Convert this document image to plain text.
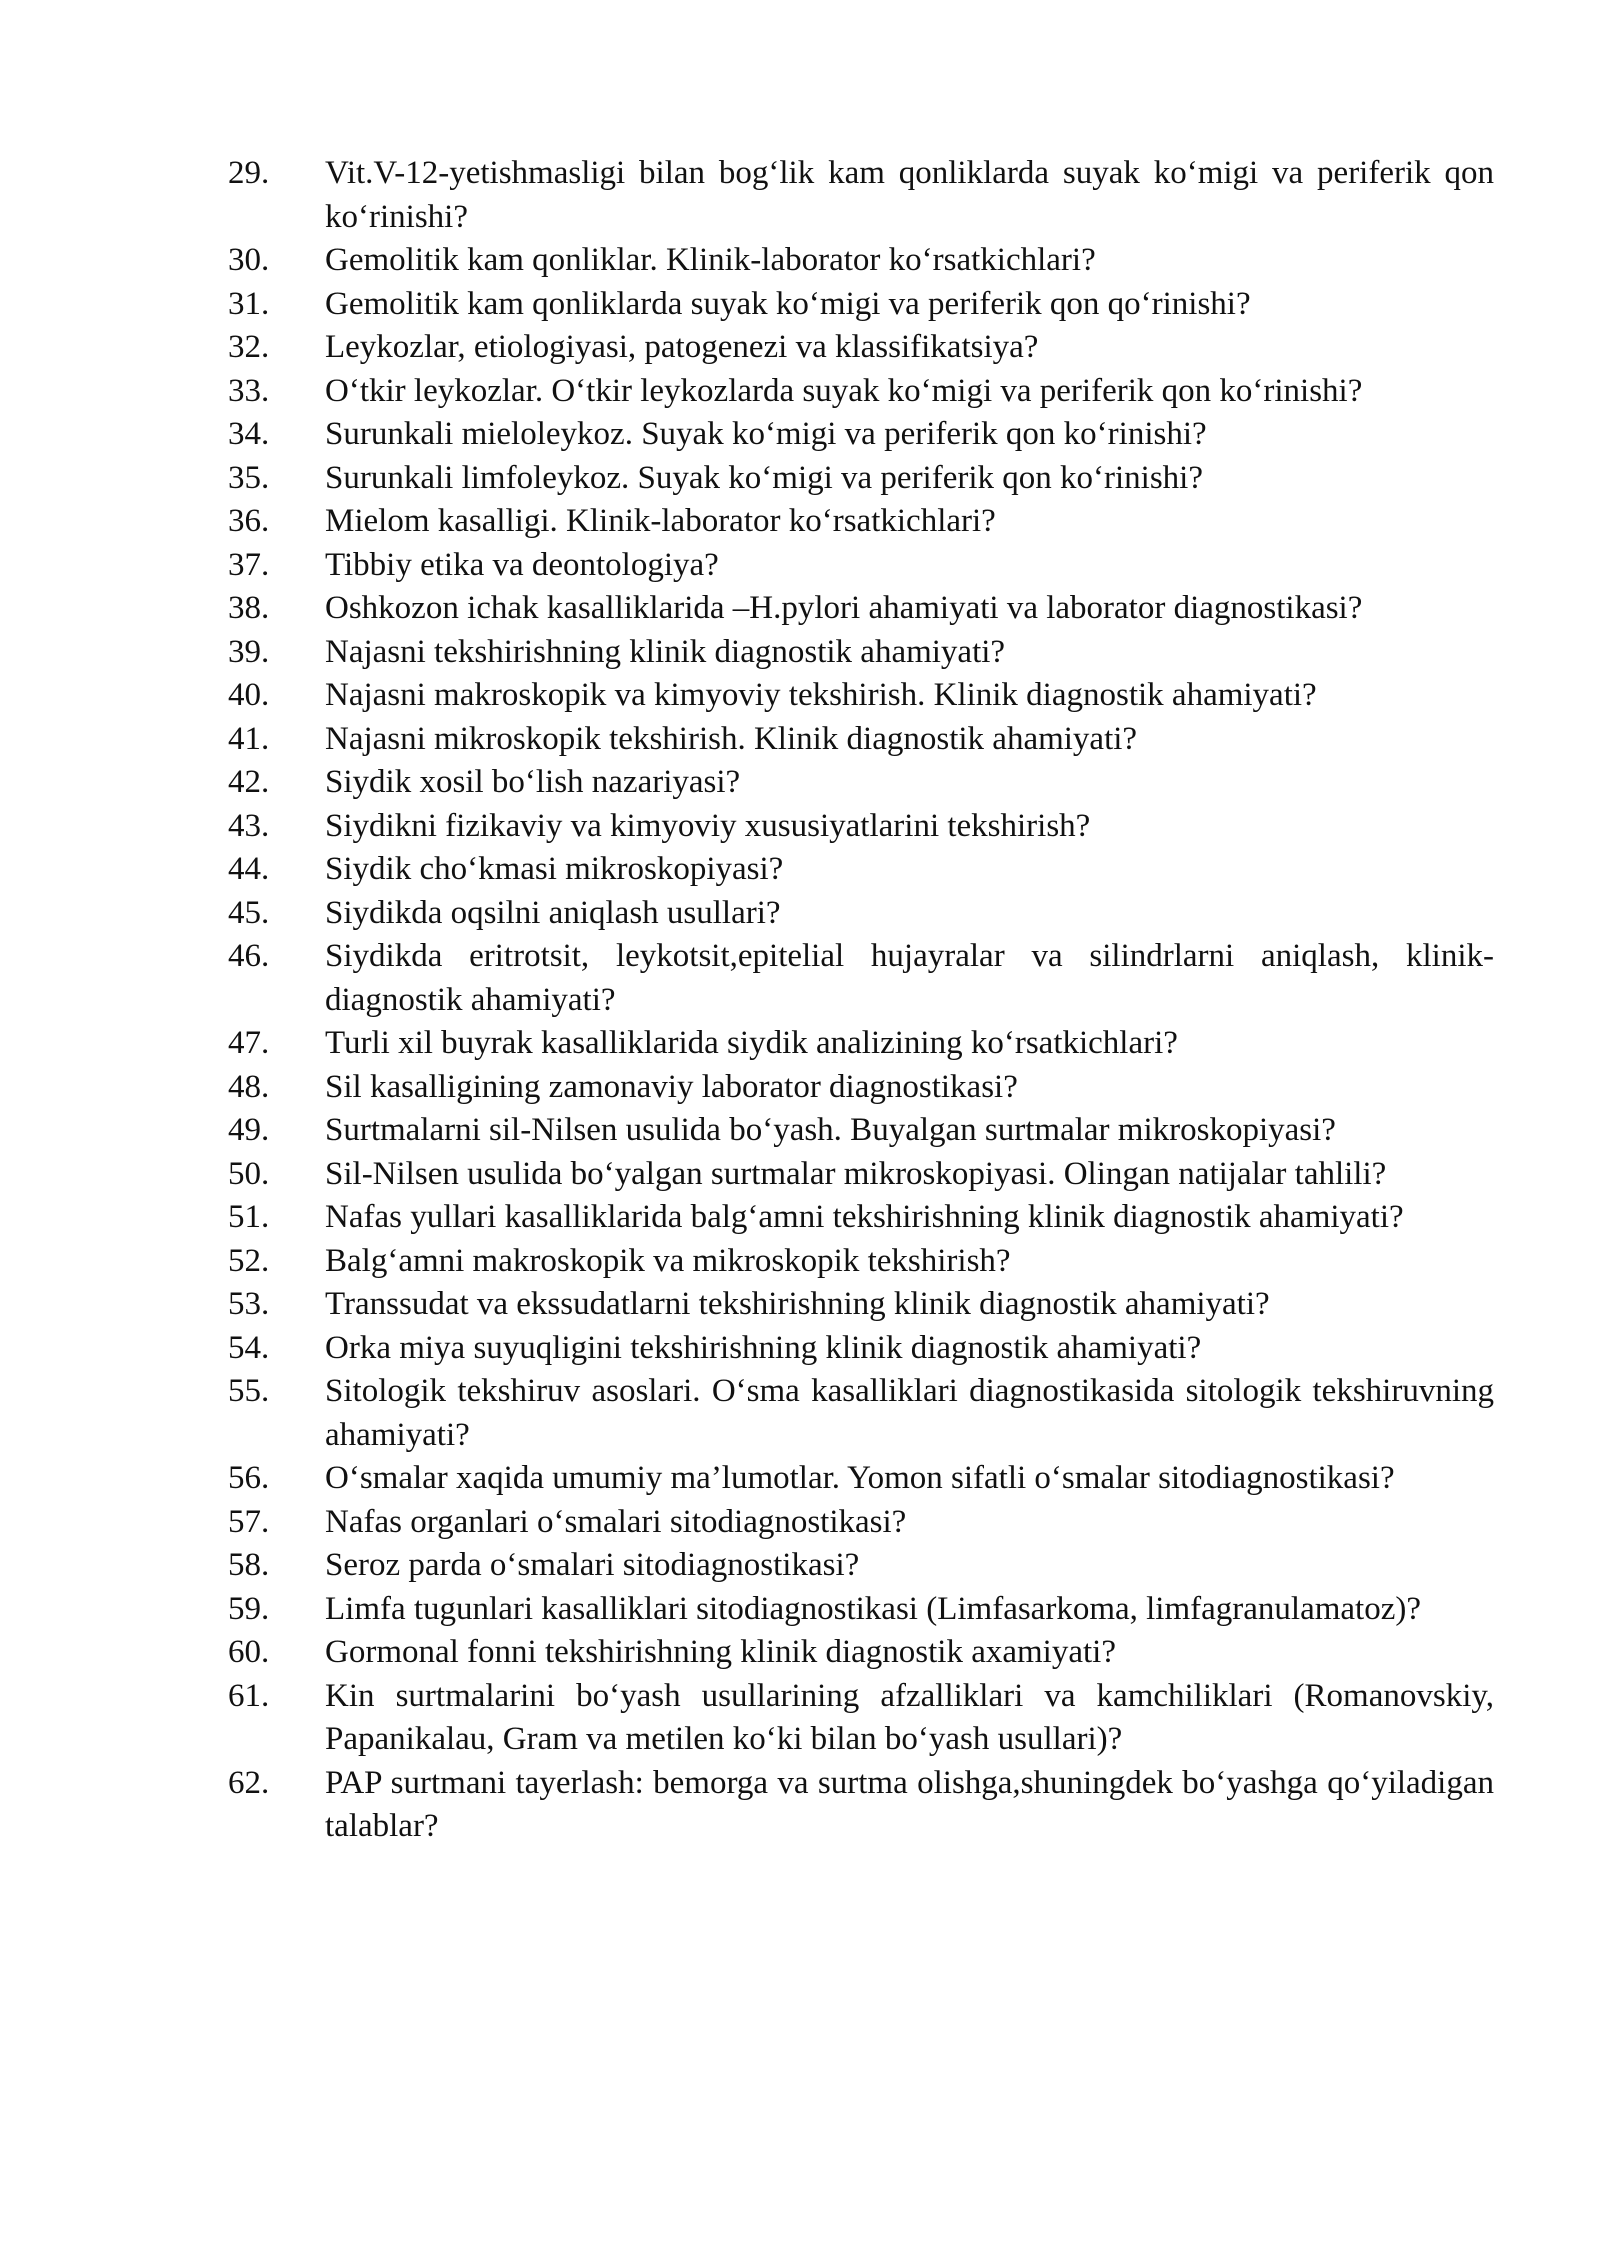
29.	Vit.V-12-yetishmasligi bilan bog‘lik kam qonliklarda suyak ko‘migi va periferik qon ko‘rinishi?
30.	Gemolitik kam qonliklar. Klinik-laborator ko‘rsatkichlari?
31.	Gemolitik kam qonliklarda suyak ko‘migi va periferik qon qo‘rinishi?
32.	Leykozlar, etiologiyasi, patogenezi va klassifikatsiya?
33.	O‘tkir leykozlar. O‘tkir leykozlarda suyak ko‘migi va periferik qon ko‘rinishi?
34.	Surunkali mieloleykoz. Suyak ko‘migi va periferik qon ko‘rinishi?
35.	Surunkali limfoleykoz. Suyak ko‘migi va periferik qon ko‘rinishi?
36.	Mielom kasalligi. Klinik-laborator ko‘rsatkichlari?
37.	Tibbiy etika va deontologiya?
38.	Oshkozon ichak kasalliklarida –H.pylori ahamiyati va laborator diagnostikasi?
39.	Najasni tekshirishning klinik diagnostik ahamiyati?
40.	Najasni makroskopik va kimyoviy tekshirish. Klinik diagnostik ahamiyati?
41.	Najasni mikroskopik tekshirish. Klinik diagnostik ahamiyati?
42.	Siydik xosil bo‘lish nazariyasi?
43.	Siydikni fizikaviy va kimyoviy xususiyatlarini tekshirish?
44.	Siydik cho‘kmasi mikroskopiyasi?
45.	Siydikda oqsilni aniqlash usullari?
46.	Siydikda eritrotsit, leykotsit,epitelial hujayralar va silindrlarni aniqlash, klinik-diagnostik ahamiyati?
47.	Turli xil buyrak kasalliklarida siydik analizining ko‘rsatkichlari?
48.	Sil kasalligining zamonaviy laborator diagnostikasi?
49.	Surtmalarni sil-Nilsen usulida bo‘yash. Buyalgan surtmalar mikroskopiyasi?
50.	Sil-Nilsen usulida bo‘yalgan surtmalar mikroskopiyasi. Olingan natijalar tahlili?
51.	Nafas yullari kasalliklarida balg‘amni tekshirishning klinik diagnostik ahamiyati?
52.	Balg‘amni makroskopik va mikroskopik tekshirish?
53.	Transsudat va ekssudatlarni tekshirishning klinik diagnostik ahamiyati?
54.	Orka miya suyuqligini tekshirishning klinik diagnostik ahamiyati?
55.	Sitologik tekshiruv asoslari. O‘sma kasalliklari diagnostikasida sitologik tekshiruvning ahamiyati?
56.	O‘smalar xaqida umumiy ma’lumotlar. Yomon sifatli o‘smalar sitodiagnostikasi?
57.	Nafas organlari o‘smalari sitodiagnostikasi?
58.	Seroz parda o‘smalari sitodiagnostikasi?
59.	Limfa tugunlari kasalliklari sitodiagnostikasi (Limfasarkoma, limfagranulamatoz)?
60.	Gormonal fonni tekshirishning klinik diagnostik axamiyati?
61.	Kin surtmalarini bo‘yash usullarining afzalliklari va kamchiliklari (Romanovskiy, Papanikalau, Gram va metilen ko‘ki bilan bo‘yash usullari)?
62.	PAP surtmani tayerlash: bemorga va surtma olishga,shuningdek bo‘yashga qo‘yiladigan talablar?
